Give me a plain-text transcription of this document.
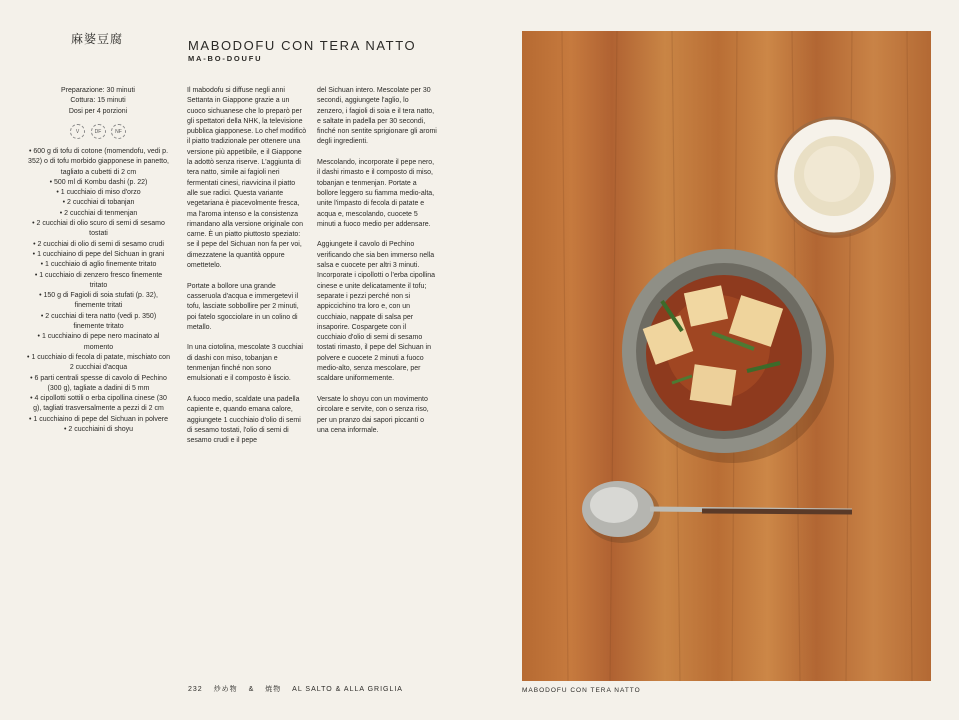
麻婆豆腐	MABODOFU CON TERA NATTO
MA-BO-DOUFU
Preparazione: 30 minuti
Cottura: 15 minuti
Dosi per 4 porzioni
V	DF	NF
• 600 g di tofu di cotone (momendofu, vedi p. 352) o di tofu morbido giapponese in panetto, tagliato a cubetti di 2 cm
• 500 ml di Kombu dashi (p. 22)
• 1 cucchiaio di miso d'orzo
• 2 cucchiai di tobanjan
• 2 cucchiai di tenmenjan
• 2 cucchiai di olio scuro di semi di sesamo tostati
• 2 cucchiai di olio di semi di sesamo crudi
• 1 cucchiaino di pepe del Sichuan in grani
• 1 cucchiaio di aglio finemente tritato
• 1 cucchiaio di zenzero fresco finemente tritato
• 150 g di Fagioli di soia stufati (p. 32), finemente tritati
• 2 cucchiai di tera natto (vedi p. 350) finemente tritato
• 1 cucchiaino di pepe nero macinato al momento
• 1 cucchiaio di fecola di patate, mischiato con 2 cucchiai d'acqua
• 6 parti centrali spesse di cavolo di Pechino (300 g), tagliate a dadini di 5 mm
• 4 cipollotti sottili o erba cipollina cinese (30 g), tagliati trasversalmente a pezzi di 2 cm
• 1 cucchiaino di pepe del Sichuan in polvere
• 2 cucchiaini di shoyu

Il mabodofu si diffuse negli anni Settanta in Giappone grazie a un cuoco sichuanese che lo preparò per gli spettatori della NHK, la televisione pubblica giapponese. Lo chef modificò il piatto tradizionale per ottenere una versione più appetibile, e il Giappone la adottò senza riserve. L'aggiunta di tera natto, simile ai fagioli neri fermentati cinesi, riavvicina il piatto alle sue radici. Questa variante vegetariana è piacevolmente fresca, ma l'aroma intenso e la consistenza rimandano alla versione originale con carne. È un piatto piuttosto speziato: se il pepe del Sichuan non fa per voi, dimezzatene la quantità oppure omettetelo.

Portate a bollore una grande casseruola d'acqua e immergetevi il tofu, lasciate sobbollire per 2 minuti, poi fatelo sgocciolare in un colino di metallo.

In una ciotolina, mescolate 3 cucchiai di dashi con miso, tobanjan e tenmenjan finché non sono emulsionati e il composto è liscio.

A fuoco medio, scaldate una padella capiente e, quando emana calore, aggiungete 1 cucchiaio d'olio di semi di sesamo tostati, l'olio di semi di sesamo crudi e il pepe

del Sichuan intero. Mescolate per 30 secondi, aggiungete l'aglio, lo zenzero, i fagioli di soia e il tera natto, e saltate in padella per 30 secondi, finché non sentite sprigionare gli aromi degli ingredienti.

Mescolando, incorporate il pepe nero, il dashi rimasto e il composto di miso, tobanjan e tenmenjan. Portate a bollore leggero su fiamma medio-alta, unite l'impasto di fecola di patate e acqua e, mescolando, cuocete 5 minuti a fuoco medio per addensare.

Aggiungete il cavolo di Pechino verificando che sia ben immerso nella salsa e cuocete per altri 3 minuti. Incorporate i cipollotti o l'erba cipollina cinese e unite delicatamente il tofu; separate i pezzi perché non si appiccichino tra loro e, con un cucchiaio, nappate di salsa per insaporire. Cospargete con il cucchiaio d'olio di semi di sesamo tostati rimasto, il pepe del Sichuan in polvere e cuocete 2 minuti a fuoco medio-alto, senza mescolare, per scaldare uniformemente.

Versate lo shoyu con un movimento circolare e servite, con o senza riso, per un pranzo dai sapori piccanti o una cena informale.

232 炒め物 & 焼物 AL SALTO & ALLA GRIGLIA	MABODOFU CON TERA NATTO
